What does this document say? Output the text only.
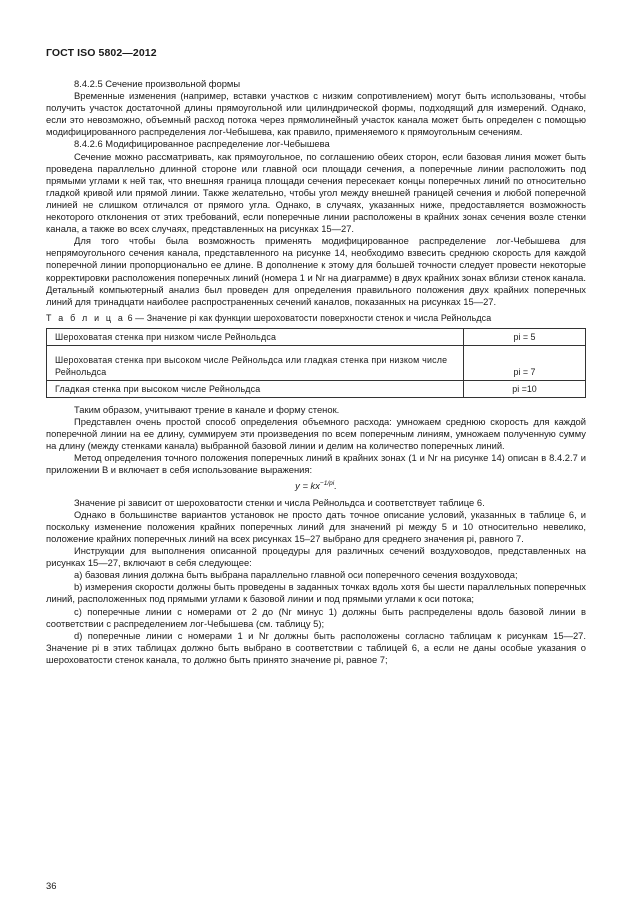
ГОСТ ISO 5802—2012

8.4.2.5 Сечение произвольной формы

Временные изменения (например, вставки участков с низким сопротивлением) могут быть использованы, чтобы получить участок достаточной длины прямоугольной или цилиндрической формы, подходящий для измерений. Однако, если это невозможно, объемный расход потока через прямолинейный участок канала может быть определен с помощью модифицированного распределения лог-Чебышева, как правило, применяемого к прямоугольным сечениям.

8.4.2.6 Модифицированное распределение лог-Чебышева

Сечение можно рассматривать, как прямоугольное, по соглашению обеих сторон, если базовая линия может быть проведена параллельно длинной стороне или главной оси площади сечения, а поперечные линии расположить под прямыми углами к ней так, что внешняя граница площади сечения пересекает концы поперечных линий по относительно гладкой кривой или прямой линии. Также желательно, чтобы угол между внешней границей сечения и любой поперечной линией не слишком отличался от прямого угла. Однако, в случаях, указанных ниже, предоставляется возможность некоторого отклонения от этих требований, если поперечные линии расположены в крайних зонах сечения возле стенки канала, а также во всех случаях, представленных на рисунках 15—27.

Для того чтобы была возможность применять модифицированное распределение лог-Чебышева для непрямоугольного сечения канала, представленного на рисунке 14, необходимо взвесить среднюю скорость для каждой поперечной линии пропорционально ее длине. В дополнение к этому для большей точности следует провести некоторые корректировки расположения поперечных линий (номера 1 и Nr на диаграмме) в двух крайних зонах вблизи стенок канала. Детальный компьютерный анализ был проведен для определения правильного положения двух крайних поперечных линий для тринадцати наиболее распространенных сечений каналов, показанных на рисунках 15—27.

Т а б л и ц а 6 — Значение pi как функции шероховатости поверхности стенок и числа Рейнольдса

Шероховатая стенка при низком числе Рейнольдса	pi = 5
Шероховатая стенка при высоком числе Рейнольдса или гладкая стенка при низком числе Рейнольдса	pi = 7
Гладкая стенка при высоком числе Рейнольдса	pi =10

Таким образом, учитывают трение в канале и форму стенок.

Представлен очень простой способ определения объемного расхода: умножаем среднюю скорость для каждой поперечной линии на ее длину, суммируем эти произведения по всем поперечным линиям, умножаем полученную сумму на длину (между стенками канала) выбранной базовой линии и делим на количество поперечных линий.

Метод определения точного положения поперечных линий в крайних зонах (1 и Nr на рисунке 14) описан в 8.4.2.7 и приложении В и включает в себя использование выражения:

$y = kx^{-1/pi}$.

Значение pi зависит от шероховатости стенки и числа Рейнольдса и соответствует таблице 6.

Однако в большинстве вариантов установок не просто дать точное описание условий, указанных в таблице 6, и поскольку изменение положения крайних поперечных линий для значений pi между 5 и 10 относительно невелико, положение крайних поперечных линий на всех рисунках 15–27 выбрано для среднего значения pi, равного 7.

Инструкции для выполнения описанной процедуры для различных сечений воздуховодов, представленных на рисунках 15—27, включают в себя следующее:

a) базовая линия должна быть выбрана параллельно главной оси поперечного сечения воздуховода;

b) измерения скорости должны быть проведены в заданных точках вдоль хотя бы шести параллельных поперечных линий, расположенных под прямыми углами к базовой линии и под прямыми углами к оси потока;

c) поперечные линии с номерами от 2 до (Nr минус 1) должны быть распределены вдоль базовой линии в соответствии с распределением лог-Чебышева (см. таблицу 5);

d) поперечные линии с номерами 1 и Nr должны быть расположены согласно таблицам к рисункам 15—27. Значение pi в этих таблицах должно быть выбрано в соответствии с таблицей 6, а если не даны особые указания о шероховатости стенок канала, то должно быть принято значение pi, равное 7;

36
